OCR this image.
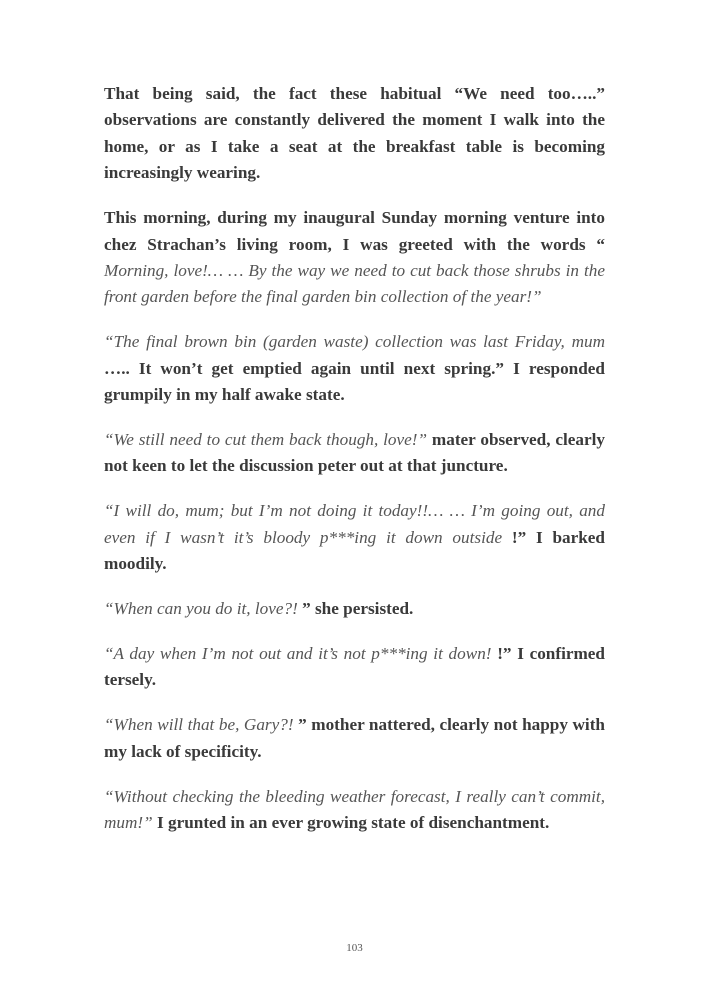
That being said, the fact these habitual “We need too…..” observations are constantly delivered the moment I walk into the home, or as I take a seat at the breakfast table is becoming increasingly wearing.

This morning, during my inaugural Sunday morning venture into chez Strachan’s living room, I was greeted with the words “ Morning, love!… … By the way we need to cut back those shrubs in the front garden before the final garden bin collection of the year!”

“The final brown bin (garden waste) collection was last Friday, mum ….. It won’t get emptied again until next spring.” I responded grumpily in my half awake state.

“We still need to cut them back though, love!” mater observed, clearly not keen to let the discussion peter out at that juncture.

“I will do, mum; but I’m not doing it today!!… … I’m going out, and even if I wasn’t it’s bloody p***ing it down outside !” I barked moodily.

“When can you do it, love?! ” she persisted.

“A day when I’m not out and it’s not p***ing it down! !” I confirmed tersely.

“When will that be, Gary?! ” mother nattered, clearly not happy with my lack of specificity.

“Without checking the bleeding weather forecast, I really can’t commit, mum!” I grunted in an ever growing state of disenchantment.

103
